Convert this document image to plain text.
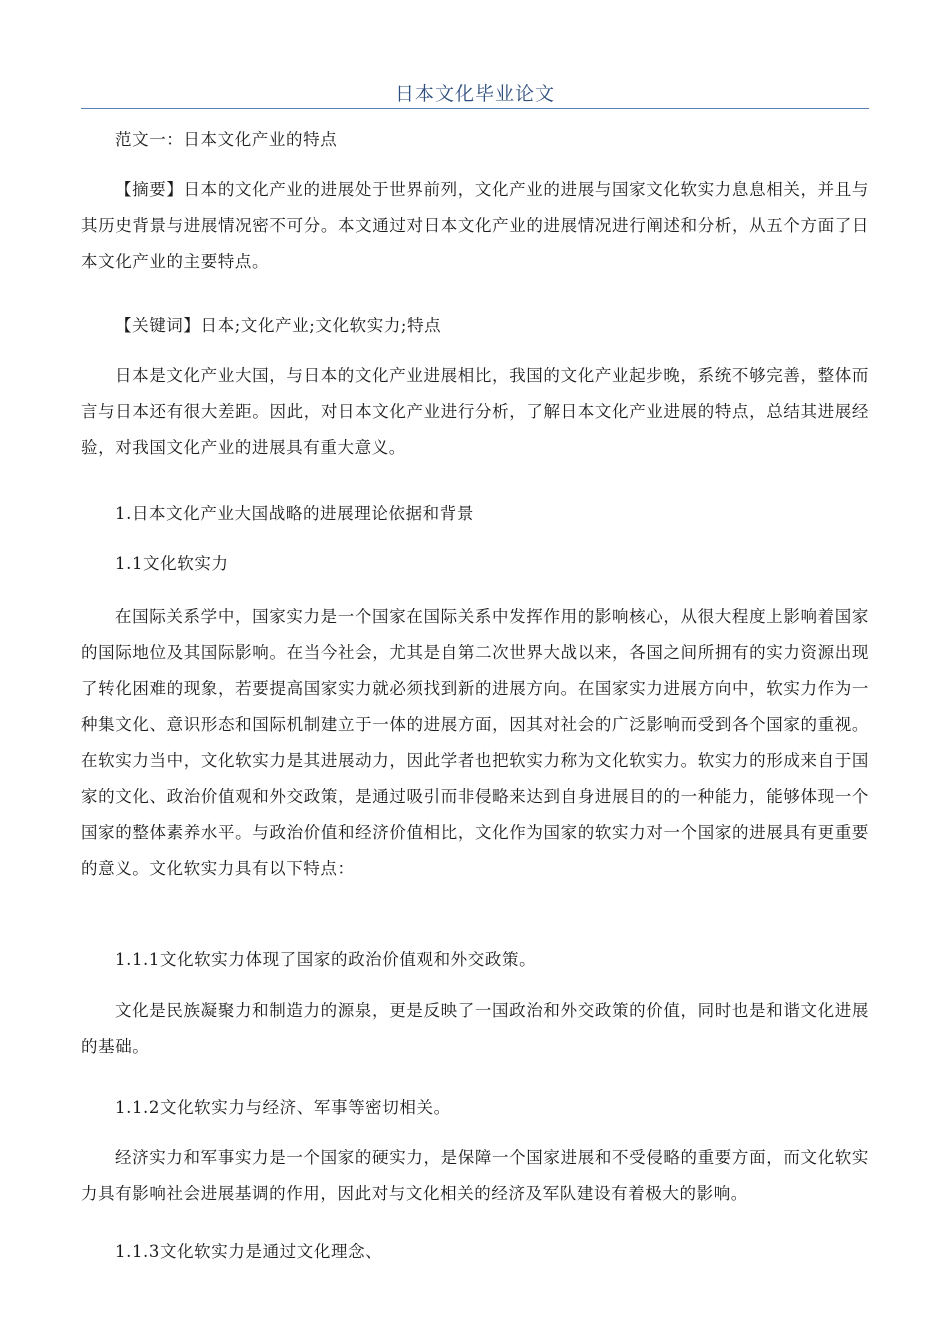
日本文化毕业论文

范文一：日本文化产业的特点

【摘要】日本的文化产业的进展处于世界前列，文化产业的进展与国家文化软实力息息相关，并且与其历史背景与进展情况密不可分。本文通过对日本文化产业的进展情况进行阐述和分析，从五个方面了日本文化产业的主要特点。

【关键词】日本;文化产业;文化软实力;特点

日本是文化产业大国，与日本的文化产业进展相比，我国的文化产业起步晚，系统不够完善，整体而言与日本还有很大差距。因此，对日本文化产业进行分析，了解日本文化产业进展的特点，总结其进展经验，对我国文化产业的进展具有重大意义。

1.日本文化产业大国战略的进展理论依据和背景

1.1文化软实力

在国际关系学中，国家实力是一个国家在国际关系中发挥作用的影响核心，从很大程度上影响着国家的国际地位及其国际影响。在当今社会，尤其是自第二次世界大战以来，各国之间所拥有的实力资源出现了转化困难的现象，若要提高国家实力就必须找到新的进展方向。在国家实力进展方向中，软实力作为一种集文化、意识形态和国际机制建立于一体的进展方面，因其对社会的广泛影响而受到各个国家的重视。在软实力当中，文化软实力是其进展动力，因此学者也把软实力称为文化软实力。软实力的形成来自于国家的文化、政治价值观和外交政策，是通过吸引而非侵略来达到自身进展目的的一种能力，能够体现一个国家的整体素养水平。与政治价值和经济价值相比，文化作为国家的软实力对一个国家的进展具有更重要的意义。文化软实力具有以下特点：

1.1.1文化软实力体现了国家的政治价值观和外交政策。

文化是民族凝聚力和制造力的源泉，更是反映了一国政治和外交政策的价值，同时也是和谐文化进展的基础。

1.1.2文化软实力与经济、军事等密切相关。

经济实力和军事实力是一个国家的硬实力，是保障一个国家进展和不受侵略的重要方面，而文化软实力具有影响社会进展基调的作用，因此对与文化相关的经济及军队建设有着极大的影响。

1.1.3文化软实力是通过文化理念、
